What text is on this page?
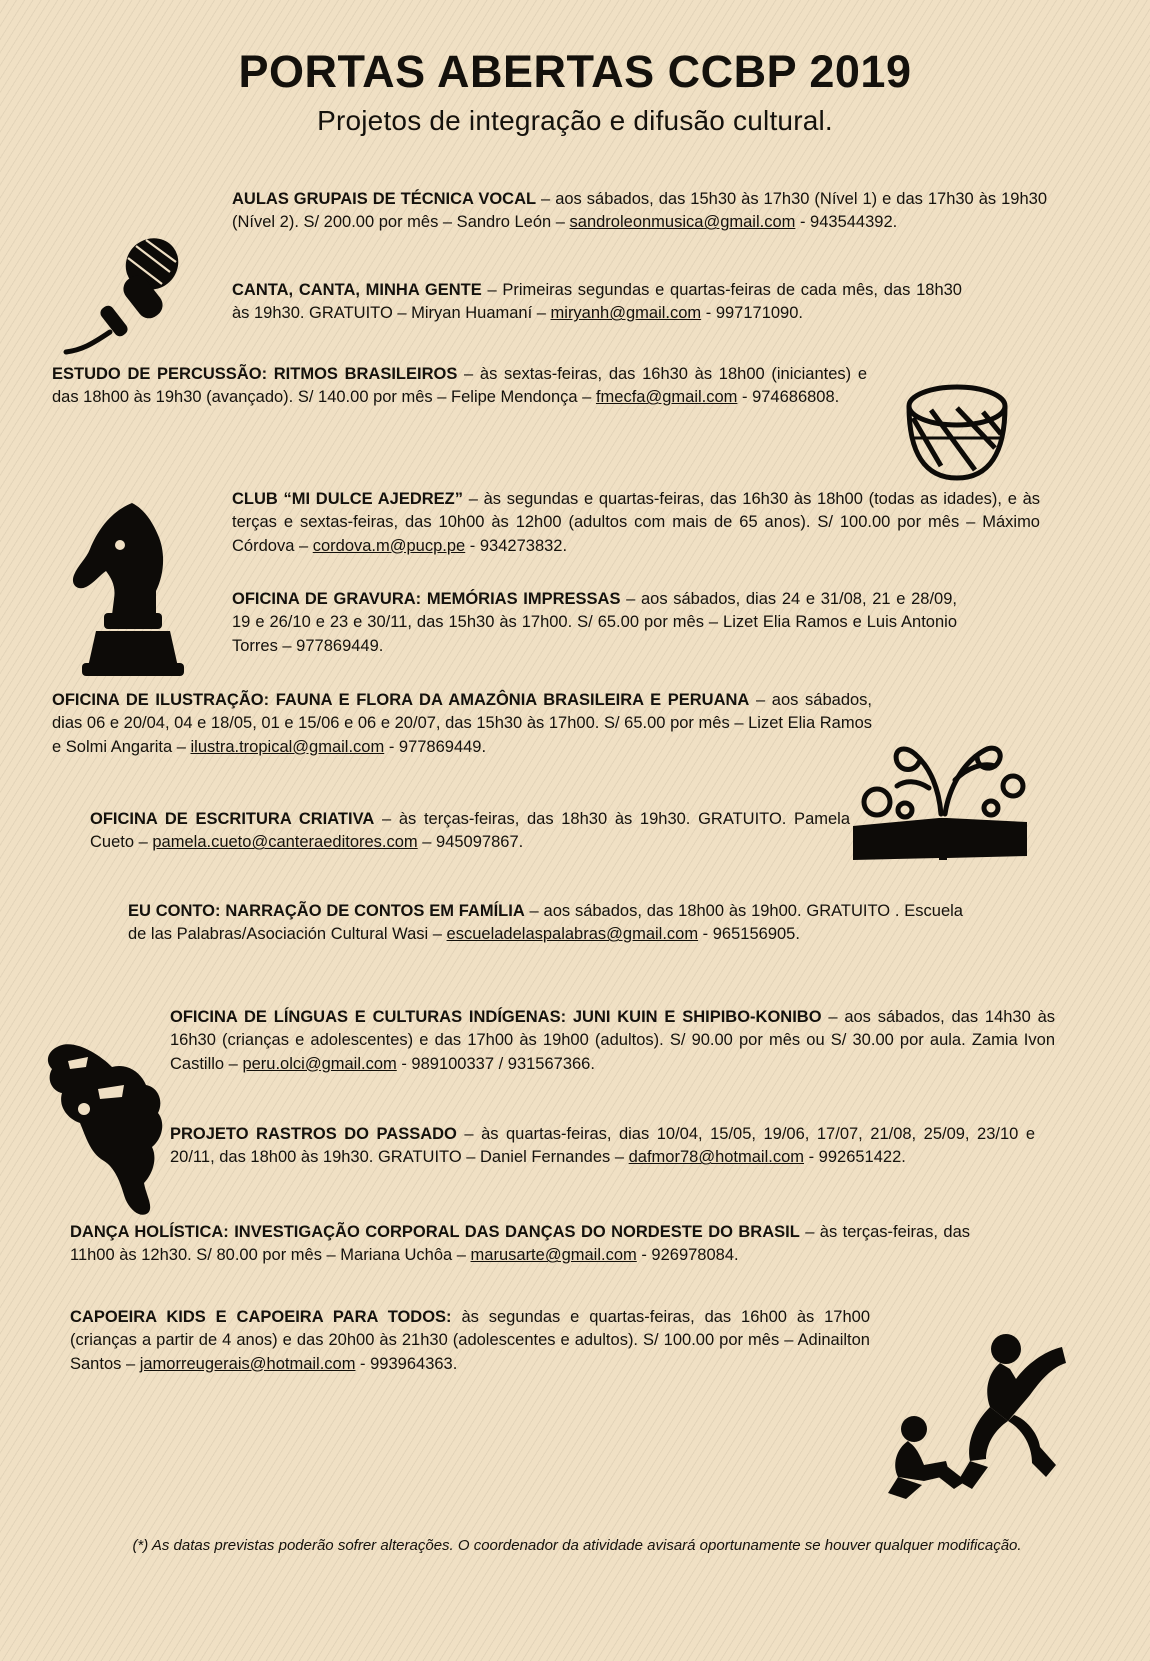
PORTAS ABERTAS CCBP 2019

Projetos de integração e difusão cultural.

AULAS GRUPAIS DE TÉCNICA VOCAL – aos sábados, das 15h30 às 17h30 (Nível 1) e das 17h30 às 19h30 (Nível 2). S/ 200.00 por mês – Sandro León – sandroleonmusica@gmail.com - 943544392.

CANTA, CANTA, MINHA GENTE – Primeiras segundas e quartas-feiras de cada mês, das 18h30 às 19h30. GRATUITO – Miryan Huamaní – miryanh@gmail.com - 997171090.

ESTUDO DE PERCUSSÃO: RITMOS BRASILEIROS – às sextas-feiras, das 16h30 às 18h00 (iniciantes) e das 18h00 às 19h30 (avançado). S/ 140.00 por mês – Felipe Mendonça – fmecfa@gmail.com - 974686808.

CLUB “MI DULCE AJEDREZ” – às segundas e quartas-feiras, das 16h30 às 18h00 (todas as idades), e às terças e sextas-feiras, das 10h00 às 12h00 (adultos com mais de 65 anos). S/ 100.00 por mês – Máximo Córdova – cordova.m@pucp.pe - 934273832.

OFICINA DE GRAVURA: MEMÓRIAS IMPRESSAS – aos sábados, dias 24 e 31/08, 21 e 28/09, 19 e 26/10 e 23 e 30/11, das 15h30 às 17h00. S/ 65.00 por mês – Lizet Elia Ramos e Luis Antonio Torres – 977869449.

OFICINA DE ILUSTRAÇÃO: FAUNA E FLORA DA AMAZÔNIA BRASILEIRA E PERUANA – aos sábados, dias 06 e 20/04, 04 e 18/05, 01 e 15/06 e 06 e 20/07, das 15h30 às 17h00. S/ 65.00 por mês – Lizet Elia Ramos e Solmi Angarita – ilustra.tropical@gmail.com - 977869449.

OFICINA DE ESCRITURA CRIATIVA – às terças-feiras, das 18h30 às 19h30. GRATUITO. Pamela Cueto – pamela.cueto@canteraeditores.com – 945097867.

EU CONTO: NARRAÇÃO DE CONTOS EM FAMÍLIA – aos sábados, das 18h00 às 19h00. GRATUITO . Escuela de las Palabras/Asociación Cultural Wasi – escueladelaspalabras@gmail.com - 965156905.

OFICINA DE LÍNGUAS E CULTURAS INDÍGENAS: JUNI KUIN E SHIPIBO-KONIBO – aos sábados, das 14h30 às 16h30 (crianças e adolescentes) e das 17h00 às 19h00 (adultos). S/ 90.00 por mês ou S/ 30.00 por aula. Zamia Ivon Castillo – peru.olci@gmail.com - 989100337 / 931567366.

PROJETO RASTROS DO PASSADO – às quartas-feiras, dias 10/04, 15/05, 19/06, 17/07, 21/08, 25/09, 23/10 e 20/11, das 18h00 às 19h30. GRATUITO – Daniel Fernandes – dafmor78@hotmail.com - 992651422.

DANÇA HOLÍSTICA: INVESTIGAÇÃO CORPORAL DAS DANÇAS DO NORDESTE DO BRASIL – às terças-feiras, das 11h00 às 12h30. S/ 80.00 por mês – Mariana Uchôa – marusarte@gmail.com - 926978084.

CAPOEIRA KIDS E CAPOEIRA PARA TODOS: às segundas e quartas-feiras, das 16h00 às 17h00 (crianças a partir de 4 anos) e das 20h00 às 21h30 (adolescentes e adultos). S/ 100.00 por mês – Adinailton Santos – jamorreugerais@hotmail.com - 993964363.

(*) As datas previstas poderão sofrer alterações. O coordenador da atividade avisará oportunamente se houver qualquer modificação.
